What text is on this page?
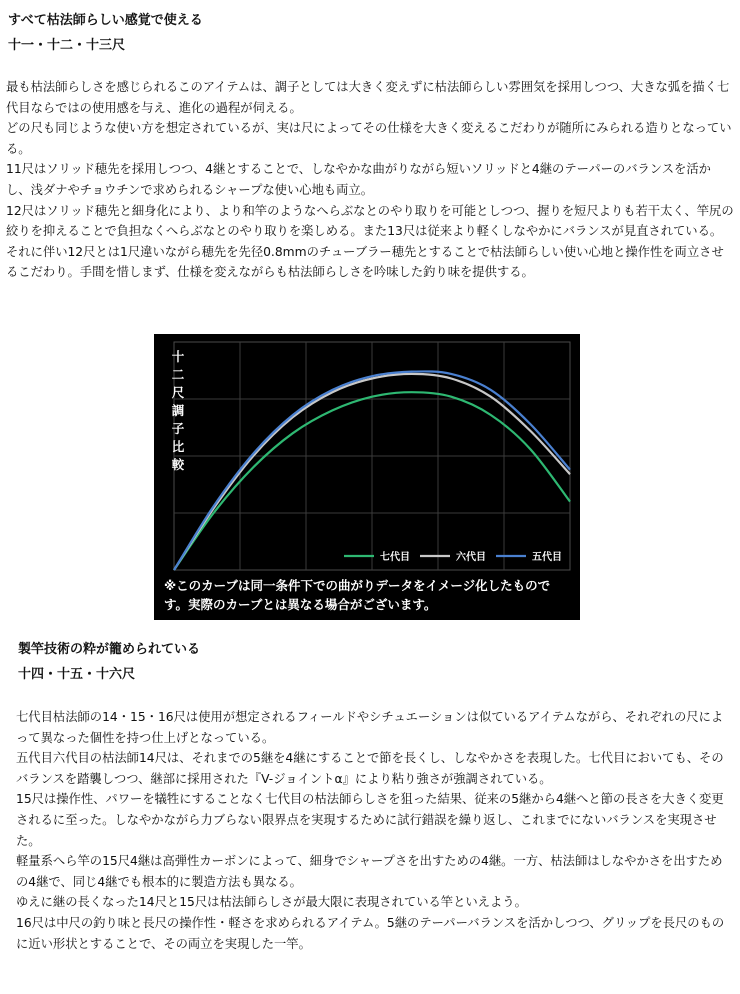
すべて枯法師らしい感覚で使える
十一・十二・十三尺

最も枯法師らしさを感じられるこのアイテムは、調子としては大きく変えずに枯法師らしい雰囲気を採用しつつ、大きな弧を描く七代目ならではの使用感を与え、進化の過程が伺える。

どの尺も同じような使い方を想定されているが、実は尺によってその仕様を大きく変えるこだわりが随所にみられる造りとなっている。

11尺はソリッド穂先を採用しつつ、4継とすることで、しなやかな曲がりながら短いソリッドと4継のテーパーのバランスを活かし、浅ダナやチョウチンで求められるシャープな使い心地も両立。

12尺はソリッド穂先と細身化により、より和竿のようなへらぶなとのやり取りを可能としつつ、握りを短尺よりも若干太く、竿尻の絞りを抑えることで負担なくへらぶなとのやり取りを楽しめる。また13尺は従来より軽くしなやかにバランスが見直されている。それに伴い12尺とは1尺違いながら穂先を先径0.8mmのチューブラー穂先とすることで枯法師らしい使い心地と操作性を両立させるこだわり。手間を惜しまず、仕様を変えながらも枯法師らしさを吟味した釣り味を提供する。

七代目	六代目	五代目
十二尺調子比較
※このカーブは同一条件下での曲がりデータをイメージ化したものです。実際のカーブとは異なる場合がございます。
製竿技術の粋が籠められている
十四・十五・十六尺

七代目枯法師の14・15・16尺は使用が想定されるフィールドやシチュエーションは似ているアイテムながら、それぞれの尺によって異なった個性を持つ仕上げとなっている。

五代目六代目の枯法師14尺は、それまでの5継を4継にすることで節を長くし、しなやかさを表現した。七代目においても、そのバランスを踏襲しつつ、継部に採用された『V-ジョイントα』により粘り強さが強調されている。

15尺は操作性、パワーを犠牲にすることなく七代目の枯法師らしさを狙った結果、従来の5継から4継へと節の長さを大きく変更されるに至った。しなやかながら力ブらない限界点を実現するために試行錯誤を繰り返し、これまでにないバランスを実現させた。

軽量系へら竿の15尺4継は高弾性カーボンによって、細身でシャープさを出すための4継。一方、枯法師はしなやかさを出すための4継で、同じ4継でも根本的に製造方法も異なる。

ゆえに継の長くなった14尺と15尺は枯法師らしさが最大限に表現されている竿といえよう。

16尺は中尺の釣り味と長尺の操作性・軽さを求められるアイテム。5継のテーパーバランスを活かしつつ、グリップを長尺のものに近い形状とすることで、その両立を実現した一竿。
